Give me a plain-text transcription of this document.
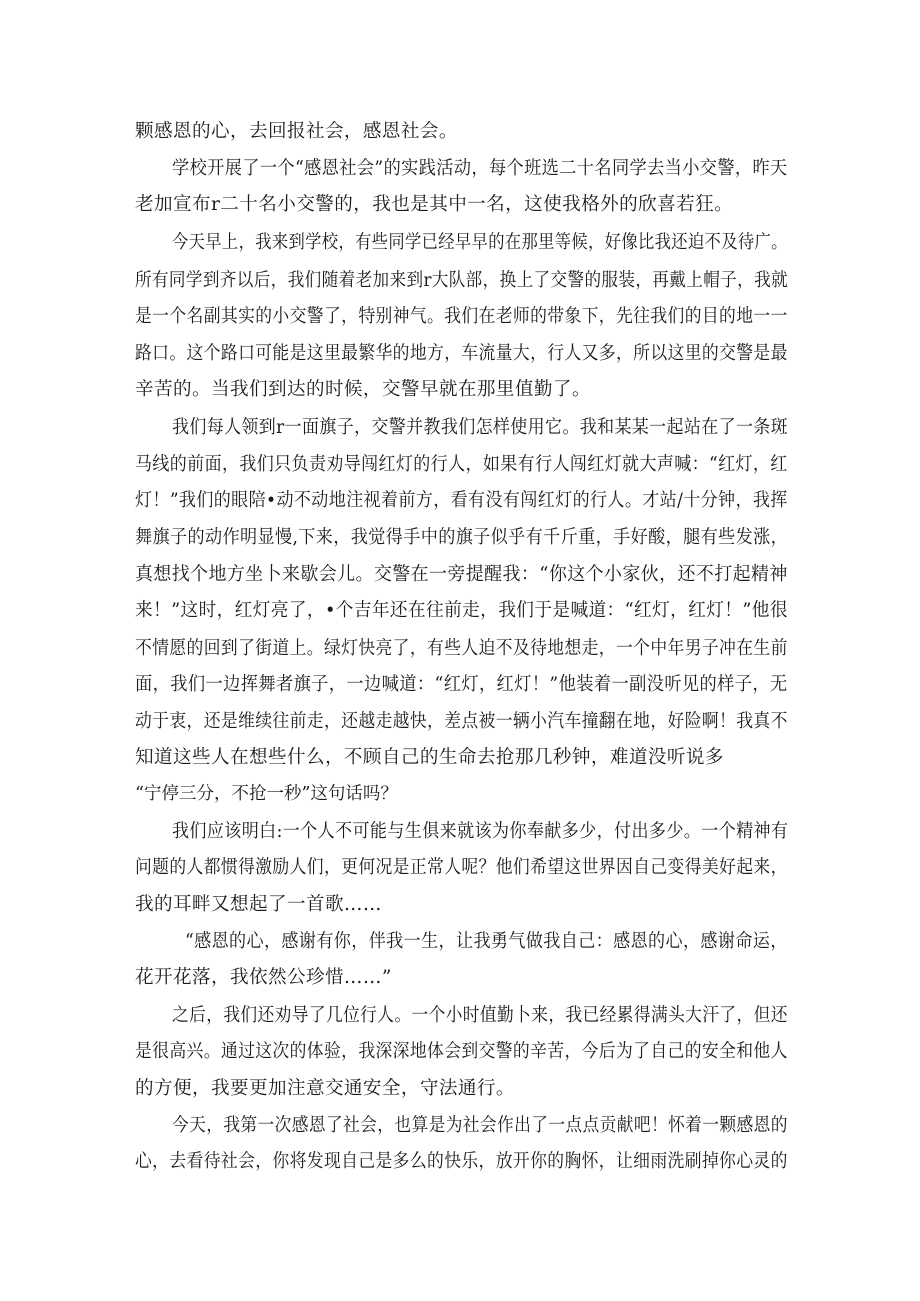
颗感恩的心，去回报社会，感恩社会。
学校开展了一个“感恩社会”的实践活动，每个班选二十名同学去当小交警，昨天
老加宣布r二十名小交警的，我也是其中一名，这使我格外的欣喜若狂。
今天早上，我来到学校，有些同学已经早早的在那里等候，好像比我还迫不及待广。
所有同学到齐以后，我们随着老加来到r大队部，换上了交警的服装，再戴上帽子，我就
是一个名副其实的小交警了，特别神气。我们在老师的带象下，先往我们的目的地一一
路口。这个路口可能是这里最繁华的地方，车流量大，行人又多，所以这里的交警是最
辛苦的。当我们到达的时候，交警早就在那里值勤了。
我们每人领到r一面旗子，交警并教我们怎样使用它。我和某某一起站在了一条斑
马线的前面，我们只负责劝导闯红灯的行人，如果有行人闯红灯就大声喊：“红灯，红
灯！”我们的眼陪•动不动地注视着前方，看有没有闯红灯的行人。才站/十分钟，我挥
舞旗子的动作明显慢,下来，我觉得手中的旗子似乎有千斤重，手好酸，腿有些发涨，
真想找个地方坐卜来歇会儿。交警在一旁提醒我：“你这个小家伙，还不打起精神
来！”这时，红灯亮了，•个吉年还在往前走，我们于是喊道：“红灯，红灯！”他很
不情愿的回到了街道上。绿灯快亮了，有些人迫不及待地想走，一个中年男子冲在生前
面，我们一边挥舞者旗子，一边喊道：“红灯，红灯！”他装着一副没听见的样子，无
动于衷，还是维续往前走，还越走越快，差点被一辆小汽车撞翻在地，好险啊！我真不
知道这些人在想些什么，不顾自己的生命去抢那几秒钟，难道没听说多
“宁停三分，不抢一秒”这句话吗？
我们应该明白:一个人不可能与生俱来就该为你奉献多少，付出多少。一个精神有
问题的人都惯得激励人们，更何况是正常人呢？他们希望这世界因自己变得美好起来，
我的耳畔又想起了一首歌……
“感恩的心，感谢有你，伴我一生，让我勇气做我自己：感恩的心，感谢命运，
花开花落，我依然公珍惜……”
之后，我们还劝导了几位行人。一个小时值勤卜来，我已经累得满头大汗了，但还
是很高兴。通过这次的体验，我深深地体会到交警的辛苦，今后为了自己的安全和他人
的方便，我要更加注意交通安全，守法通行。
今天，我第一次感恩了社会，也算是为社会作出了一点点贡献吧！怀着一颗感恩的
心，去看待社会，你将发现自己是多么的快乐，放开你的胸怀，让细雨洗刷掉你心灵的
